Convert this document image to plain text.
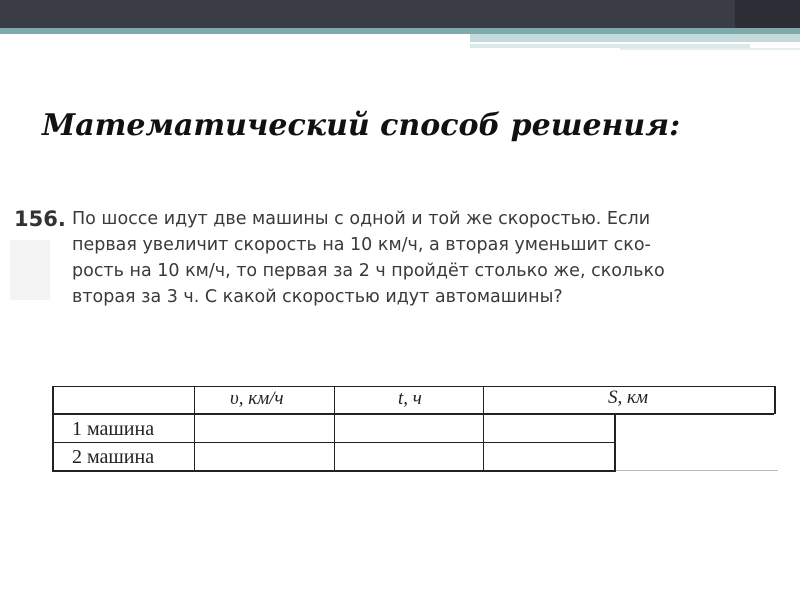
Математический способ решения:
156. По шоссе идут две машины с одной и той же скоростью. Если
первая увеличит скорость на 10 км/ч, а вторая уменьшит ско-
рость на 10 км/ч, то первая за 2 ч пройдёт столько же, сколько
вторая за 3 ч. С какой скоростью идут автомашины?
υ, км/ч	t, ч	S, км
1 машина
2 машина
